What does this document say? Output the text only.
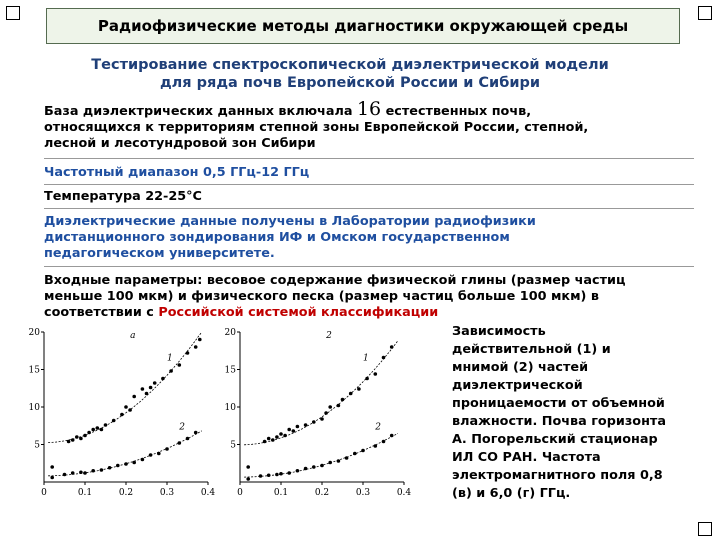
Радиофизические методы диагностики окружающей среды
Тестирование спектроскопической диэлектрической модели
для ряда почв Европейской России и Сибири
База диэлектрических данных включала 16 естественных почв,
относящихся к территориям степной зоны Европейской России, степной,
лесной и лесотундровой зон Сибири
Частотный диапазон 0,5 ГГц-12 ГГц
Температура 22-25°С
Диэлектрические данные получены в Лаборатории радиофизики
дистанционного зондирования ИФ и Омском государственном
педагогическом университете.
Входные параметры: весовое содержание физической глины (размер частиц
меньше 100 мкм) и физического песка (размер частиц больше 100 мкм) в
соответствии с Российской системой классификации
0	0.1	0.2	0.3	0.4
5
10
15
20	a
1
2
0	0.1	0.2	0.3	0.4
5
10
15
20	2
1
2
Зависимость
действительной (1) и
мнимой (2) частей
диэлектрической
проницаемости от объемной
влажности. Почва горизонта
А. Погорельский стационар
ИЛ СО РАН. Частота
электромагнитного поля 0,8
(в) и 6,0 (г) ГГц.
